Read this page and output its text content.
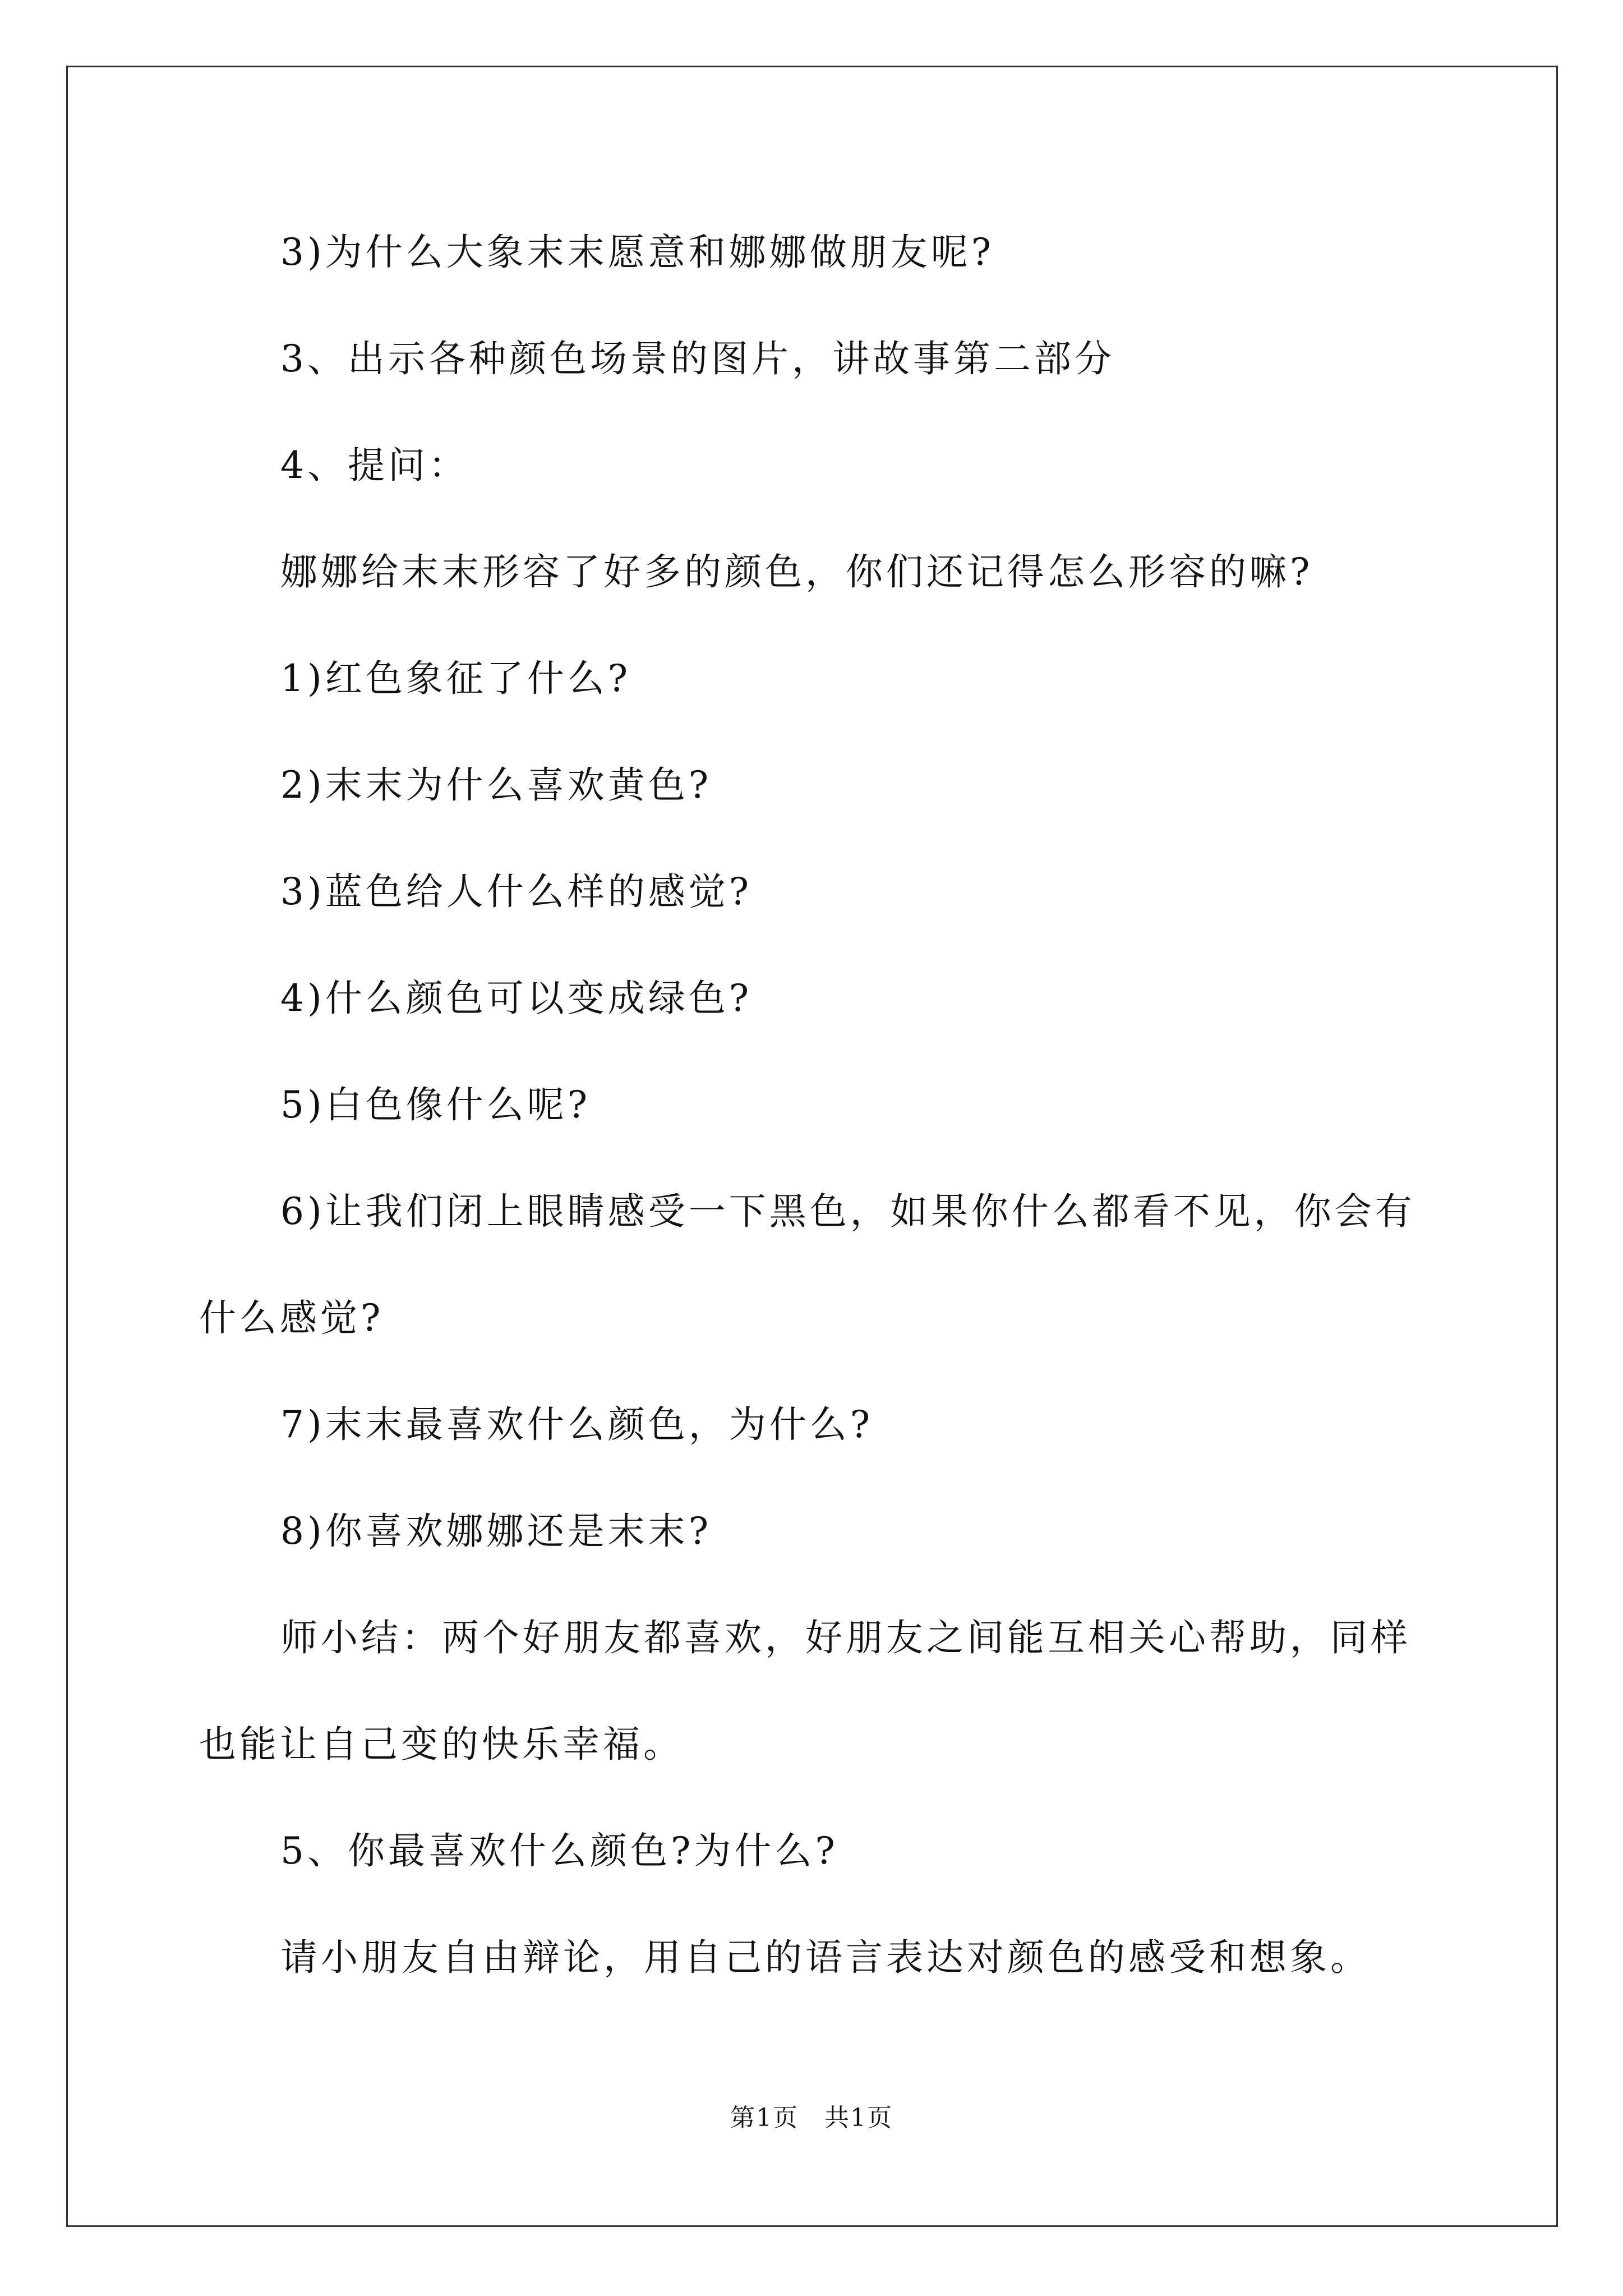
3)为什么大象末末愿意和娜娜做朋友呢?
3、出示各种颜色场景的图片，讲故事第二部分
4、提问：
娜娜给末末形容了好多的颜色，你们还记得怎么形容的嘛?
1)红色象征了什么?
2)末末为什么喜欢黄色?
3)蓝色给人什么样的感觉?
4)什么颜色可以变成绿色?
5)白色像什么呢?
6)让我们闭上眼睛感受一下黑色，如果你什么都看不见，你会有
什么感觉?
7)末末最喜欢什么颜色，为什么?
8)你喜欢娜娜还是末末?
师小结：两个好朋友都喜欢，好朋友之间能互相关心帮助，同样
也能让自己变的快乐幸福。
5、你最喜欢什么颜色?为什么?
请小朋友自由辩论，用自己的语言表达对颜色的感受和想象。
第1页　共1页
